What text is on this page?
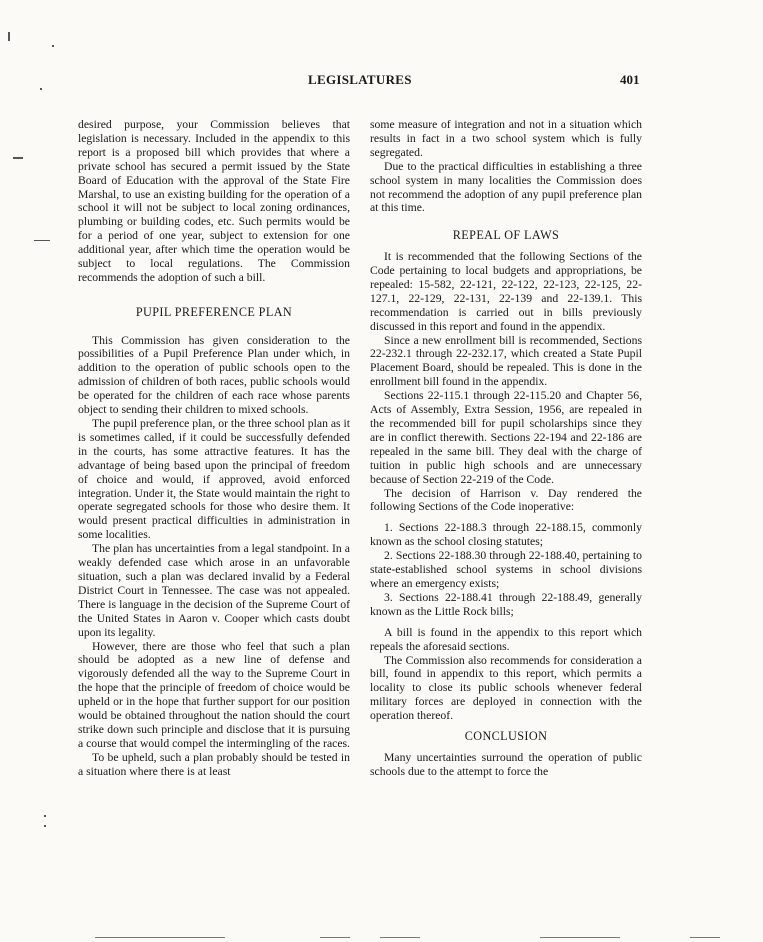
LEGISLATURES	401

desired purpose, your Commission believes that legislation is necessary. Included in the appendix to this report is a proposed bill which provides that where a private school has secured a permit issued by the State Board of Education with the approval of the State Fire Marshal, to use an existing building for the operation of a school it will not be subject to local zoning ordinances, plumbing or building codes, etc. Such permits would be for a period of one year, subject to extension for one additional year, after which time the operation would be subject to local regulations. The Commission recommends the adoption of such a bill.

PUPIL PREFERENCE PLAN

This Commission has given consideration to the possibilities of a Pupil Preference Plan under which, in addition to the operation of public schools open to the admission of children of both races, public schools would be operated for the children of each race whose parents object to sending their children to mixed schools.

The pupil preference plan, or the three school plan as it is sometimes called, if it could be successfully defended in the courts, has some attractive features. It has the advantage of being based upon the principal of freedom of choice and would, if approved, avoid enforced integration. Under it, the State would maintain the right to operate segregated schools for those who desire them. It would present practical difficulties in administration in some localities.

The plan has uncertainties from a legal standpoint. In a weakly defended case which arose in an unfavorable situation, such a plan was declared invalid by a Federal District Court in Tennessee. The case was not appealed. There is language in the decision of the Supreme Court of the United States in Aaron v. Cooper which casts doubt upon its legality.

However, there are those who feel that such a plan should be adopted as a new line of defense and vigorously defended all the way to the Supreme Court in the hope that the principle of freedom of choice would be upheld or in the hope that further support for our position would be obtained throughout the nation should the court strike down such principle and disclose that it is pursuing a course that would compel the intermingling of the races.

To be upheld, such a plan probably should be tested in a situation where there is at least

some measure of integration and not in a situation which results in fact in a two school system which is fully segregated.

Due to the practical difficulties in establishing a three school system in many localities the Commission does not recommend the adoption of any pupil preference plan at this time.

REPEAL OF LAWS

It is recommended that the following Sections of the Code pertaining to local budgets and appropriations, be repealed: 15-582, 22-121, 22-122, 22-123, 22-125, 22-127.1, 22-129, 22-131, 22-139 and 22-139.1. This recommendation is carried out in bills previously discussed in this report and found in the appendix.

Since a new enrollment bill is recommended, Sections 22-232.1 through 22-232.17, which created a State Pupil Placement Board, should be repealed. This is done in the enrollment bill found in the appendix.

Sections 22-115.1 through 22-115.20 and Chapter 56, Acts of Assembly, Extra Session, 1956, are repealed in the recommended bill for pupil scholarships since they are in conflict therewith. Sections 22-194 and 22-186 are repealed in the same bill. They deal with the charge of tuition in public high schools and are unnecessary because of Section 22-219 of the Code.

The decision of Harrison v. Day rendered the following Sections of the Code inoperative:

1. Sections 22-188.3 through 22-188.15, commonly known as the school closing statutes;

2. Sections 22-188.30 through 22-188.40, pertaining to state-established school systems in school divisions where an emergency exists;

3. Sections 22-188.41 through 22-188.49, generally known as the Little Rock bills;

A bill is found in the appendix to this report which repeals the aforesaid sections.

The Commission also recommends for consideration a bill, found in appendix to this report, which permits a locality to close its public schools whenever federal military forces are deployed in connection with the operation thereof.

CONCLUSION

Many uncertainties surround the operation of public schools due to the attempt to force the
